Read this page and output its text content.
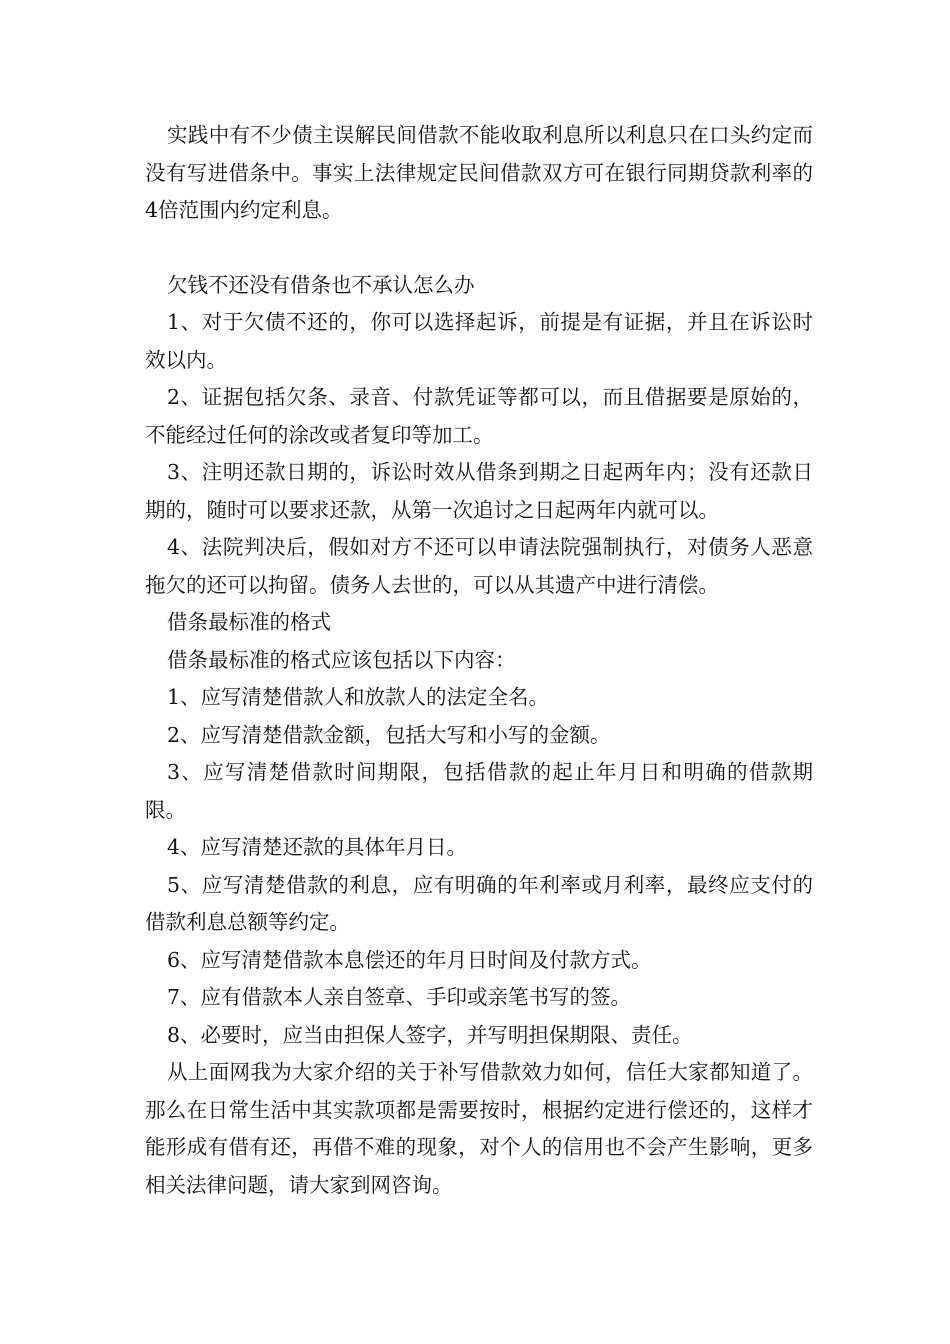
实践中有不少债主误解民间借款不能收取利息所以利息只在口头约定而没有写进借条中。事实上法律规定民间借款双方可在银行同期贷款利率的4倍范围内约定利息。

欠钱不还没有借条也不承认怎么办

1、对于欠债不还的，你可以选择起诉，前提是有证据，并且在诉讼时效以内。

2、证据包括欠条、录音、付款凭证等都可以，而且借据要是原始的，不能经过任何的涂改或者复印等加工。

3、注明还款日期的，诉讼时效从借条到期之日起两年内；没有还款日期的，随时可以要求还款，从第一次追讨之日起两年内就可以。

4、法院判决后，假如对方不还可以申请法院强制执行，对债务人恶意拖欠的还可以拘留。债务人去世的，可以从其遗产中进行清偿。

借条最标准的格式

借条最标准的格式应该包括以下内容：

1、应写清楚借款人和放款人的法定全名。

2、应写清楚借款金额，包括大写和小写的金额。

3、应写清楚借款时间期限，包括借款的起止年月日和明确的借款期限。

4、应写清楚还款的具体年月日。

5、应写清楚借款的利息，应有明确的年利率或月利率，最终应支付的借款利息总额等约定。

6、应写清楚借款本息偿还的年月日时间及付款方式。

7、应有借款本人亲自签章、手印或亲笔书写的签。

8、必要时，应当由担保人签字，并写明担保期限、责任。

从上面网我为大家介绍的关于补写借款效力如何，信任大家都知道了。那么在日常生活中其实款项都是需要按时，根据约定进行偿还的，这样才能形成有借有还，再借不难的现象，对个人的信用也不会产生影响，更多相关法律问题，请大家到网咨询。
